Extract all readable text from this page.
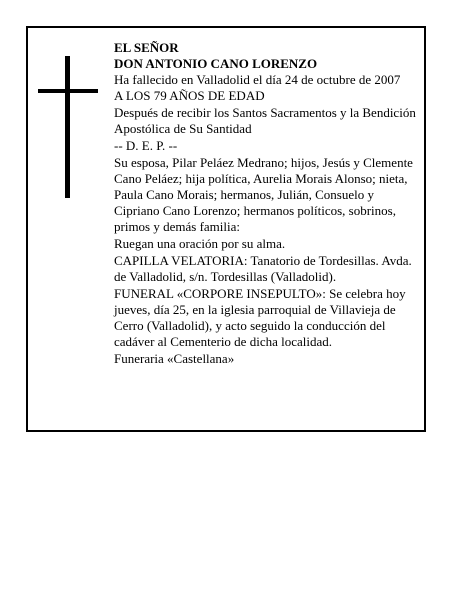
EL SEÑOR

DON ANTONIO CANO LORENZO

Ha fallecido en Valladolid el día 24 de octubre de 2007

A LOS 79 AÑOS DE EDAD

Después de recibir los Santos Sacramentos y la Bendición Apostólica de Su Santidad

-- D. E. P. --

Su esposa, Pilar Peláez Medrano; hijos, Jesús y Clemente Cano Peláez; hija política, Aurelia Morais Alonso; nieta, Paula Cano Morais; hermanos, Julián, Consuelo y Cipriano Cano Lorenzo; hermanos políticos, sobrinos, primos y demás familia:

Ruegan una oración por su alma.

CAPILLA VELATORIA: Tanatorio de Tordesillas. Avda. de Valladolid, s/n. Tordesillas (Valladolid).

FUNERAL «CORPORE INSEPULTO»: Se celebra hoy jueves, día 25, en la iglesia parroquial de Villavieja de Cerro (Valladolid), y acto seguido la conducción del cadáver al Cementerio de dicha localidad.

Funeraria «Castellana»
